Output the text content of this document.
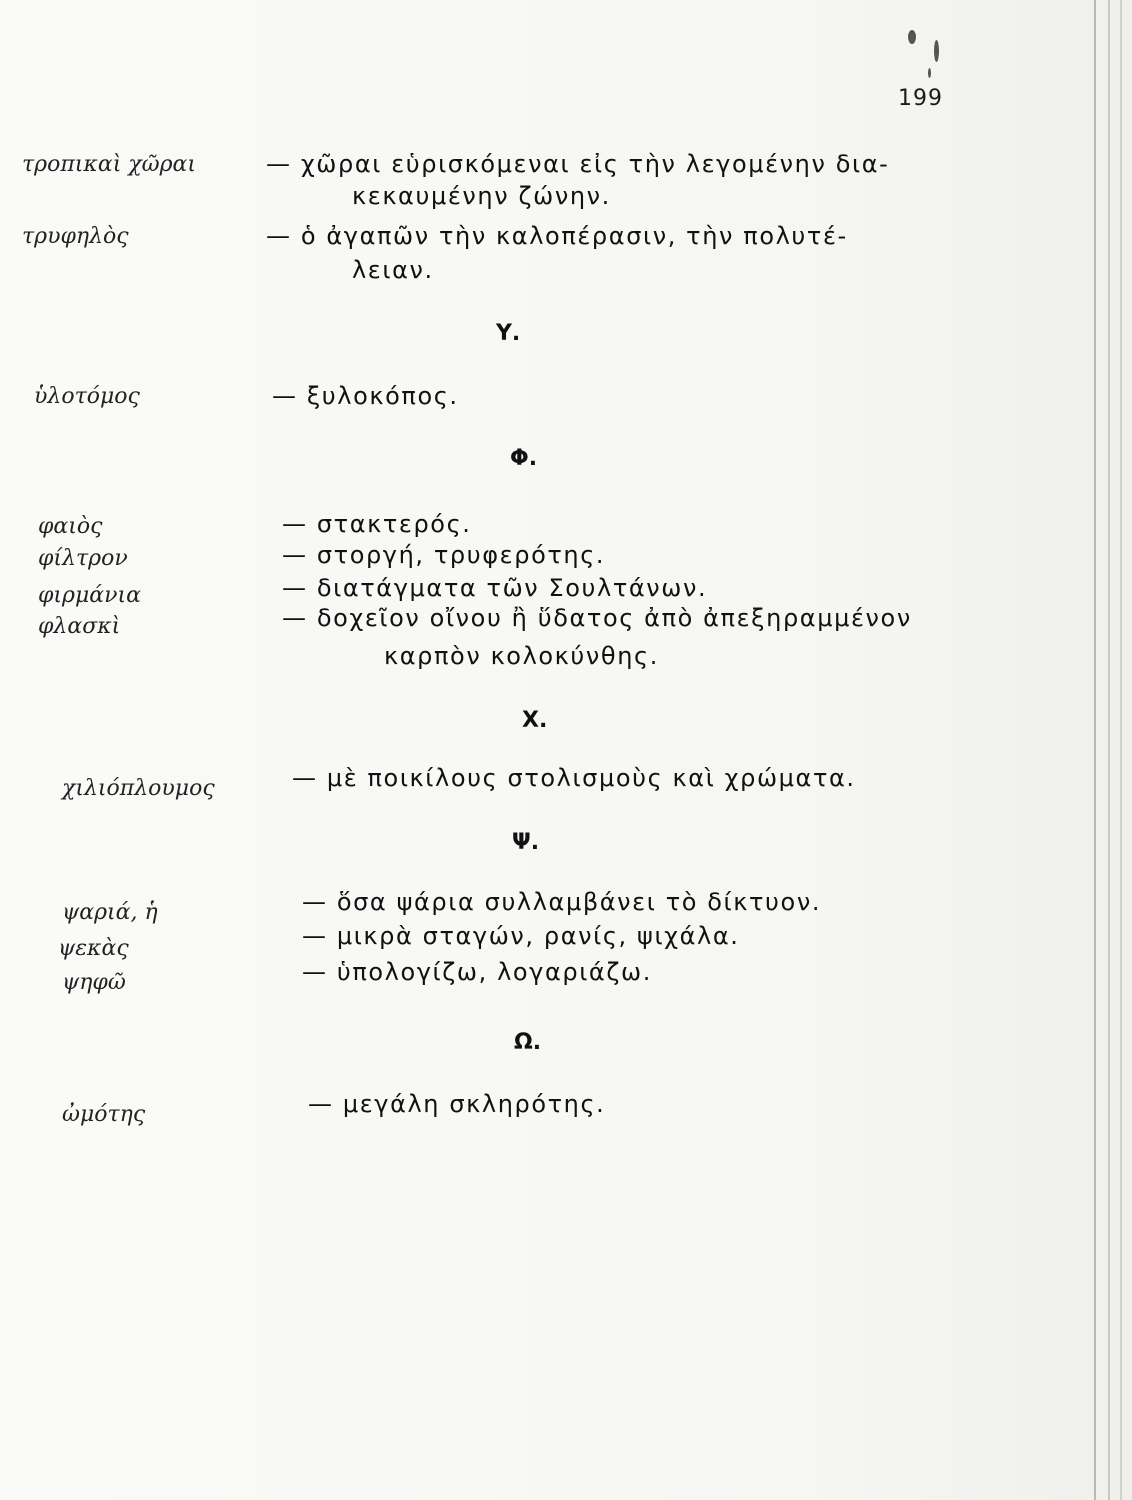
199
τροπικαὶ χῶραι	— χῶραι εὑρισκόμεναι εἰς τὴν λεγομένην δια-
κεκαυμένην ζώνην.
τρυφηλὸς	— ὁ ἀγαπῶν τὴν καλοπέρασιν, τὴν πολυτέ-
λειαν.
Υ.
ὑλοτόμος	— ξυλοκόπος.
Φ.
φαιὸς	— στακτερός.
φίλτρον	— στοργή, τρυφερότης.
φιρμάνια	— διατάγματα τῶν Σουλτάνων.
φλασκὶ	— δοχεῖον οἴνου ἢ ὕδατος ἀπὸ ἀπεξηραμμένον
καρπὸν κολοκύνθης.
Χ.
χιλιόπλουμος	— μὲ ποικίλους στολισμοὺς καὶ χρώματα.
Ψ.
ψαριά, ἡ	— ὅσα ψάρια συλλαμβάνει τὸ δίκτυον.
ψεκὰς	— μικρὰ σταγών, ρανίς, ψιχάλα.
ψηφῶ	— ὑπολογίζω, λογαριάζω.
Ω.
ὠμότης	— μεγάλη σκληρότης.
